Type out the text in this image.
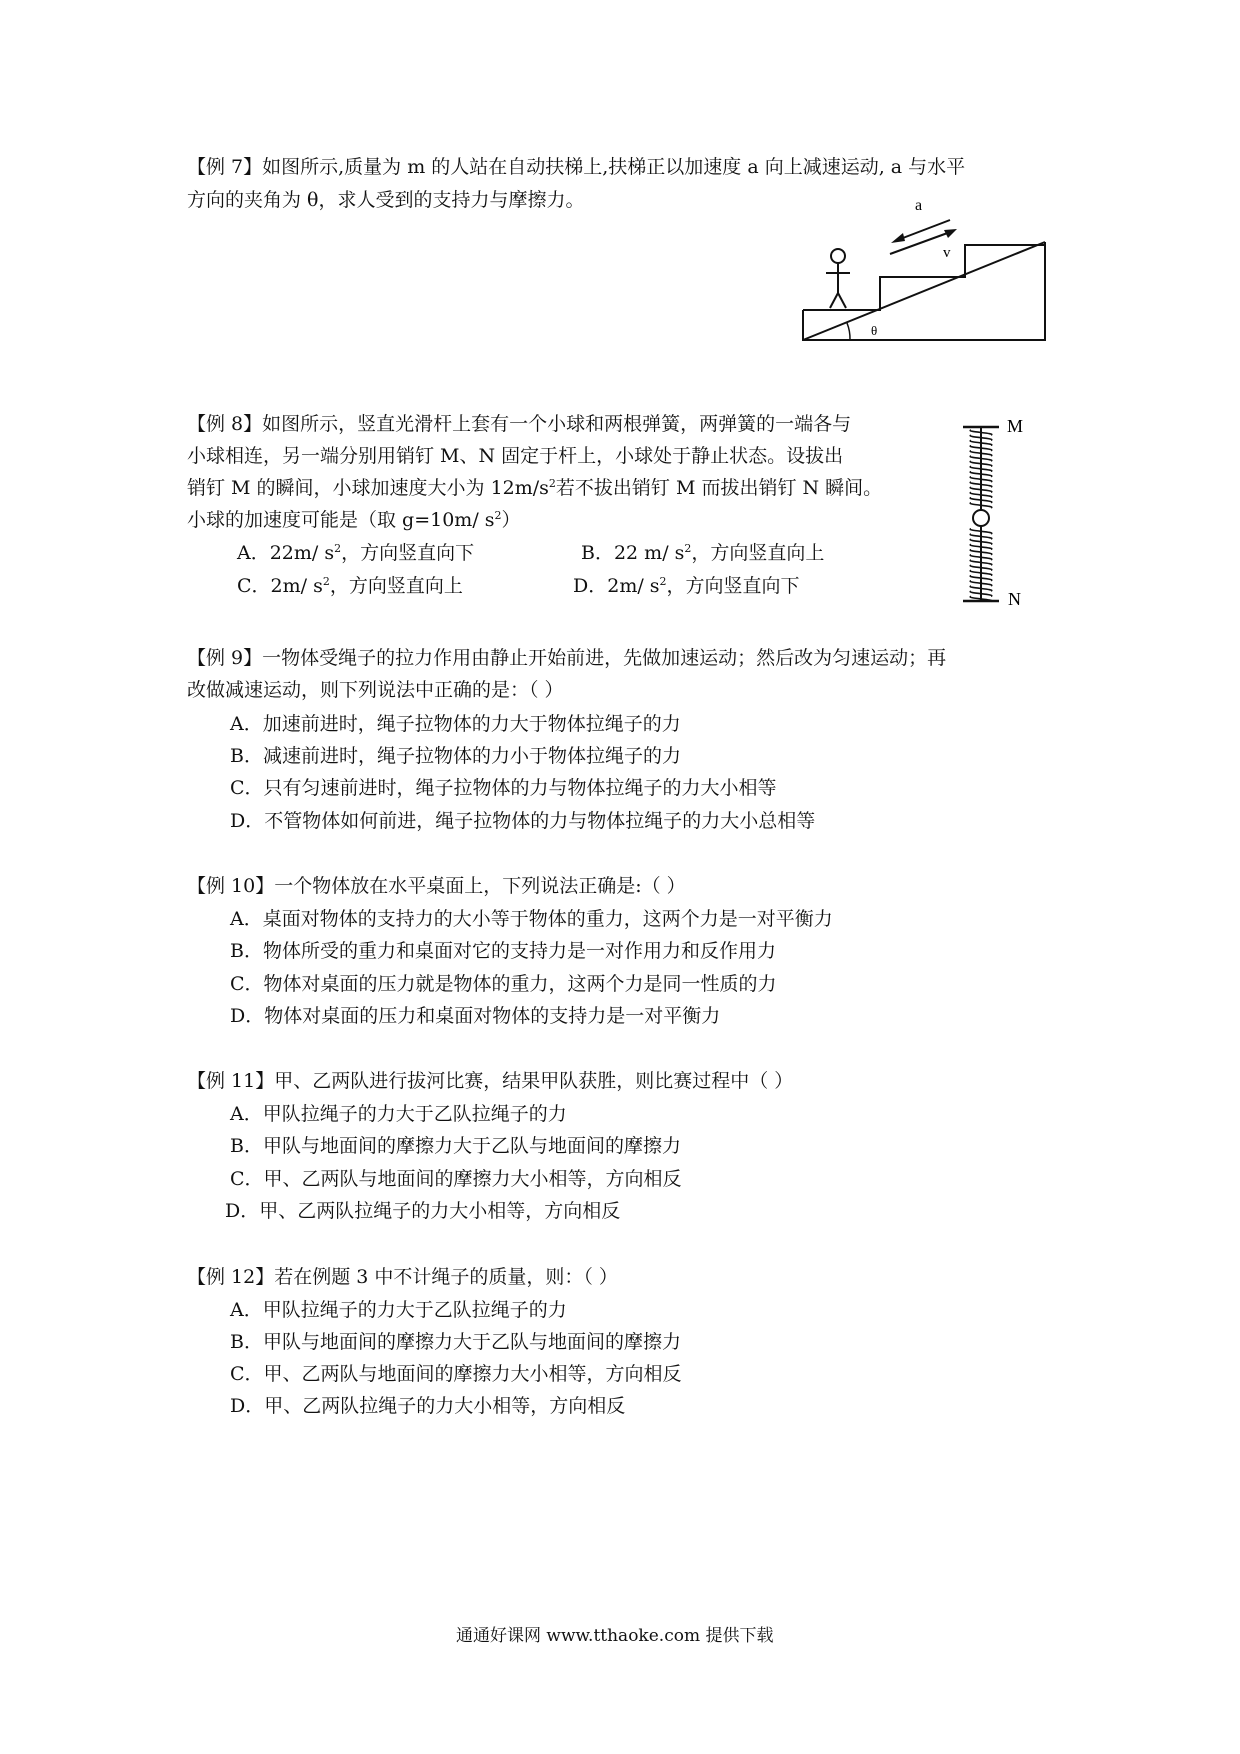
【例 7】如图所示,质量为 m 的人站在自动扶梯上,扶梯正以加速度 a 向上减速运动, a 与水平
方向的夹角为 θ，求人受到的支持力与摩擦力。
θ
a
v
【例 8】如图所示，竖直光滑杆上套有一个小球和两根弹簧，两弹簧的一端各与
小球相连，另一端分别用销钉 M、N 固定于杆上，小球处于静止状态。设拔出
销钉 M 的瞬间，小球加速度大小为 $12m/s^2$若不拔出销钉 M 而拔出销钉 N 瞬间。
小球的加速度可能是（取 g=10m/ $s^2$）
A．22m/ $s^2$，方向竖直向下	B．22 m/ $s^2$，方向竖直向上
C．2m/ $s^2$，方向竖直向上	D．2m/ $s^2$，方向竖直向下
M
N
【例 9】一物体受绳子的拉力作用由静止开始前进，先做加速运动；然后改为匀速运动；再
改做减速运动，则下列说法中正确的是：（ ）
A．加速前进时，绳子拉物体的力大于物体拉绳子的力
B．减速前进时，绳子拉物体的力小于物体拉绳子的力
C．只有匀速前进时，绳子拉物体的力与物体拉绳子的力大小相等
D．不管物体如何前进，绳子拉物体的力与物体拉绳子的力大小总相等
【例 10】一个物体放在水平桌面上，下列说法正确是:（ ）
A．桌面对物体的支持力的大小等于物体的重力，这两个力是一对平衡力
B．物体所受的重力和桌面对它的支持力是一对作用力和反作用力
C．物体对桌面的压力就是物体的重力，这两个力是同一性质的力
D．物体对桌面的压力和桌面对物体的支持力是一对平衡力
【例 11】甲、乙两队进行拔河比赛，结果甲队获胜，则比赛过程中（ ）
A．甲队拉绳子的力大于乙队拉绳子的力
B．甲队与地面间的摩擦力大于乙队与地面间的摩擦力
C．甲、乙两队与地面间的摩擦力大小相等，方向相反
D．甲、乙两队拉绳子的力大小相等，方向相反
【例 12】若在例题 3 中不计绳子的质量，则：（ ）
A．甲队拉绳子的力大于乙队拉绳子的力
B．甲队与地面间的摩擦力大于乙队与地面间的摩擦力
C．甲、乙两队与地面间的摩擦力大小相等，方向相反
D．甲、乙两队拉绳子的力大小相等，方向相反
通通好课网 www.tthaoke.com 提供下载
